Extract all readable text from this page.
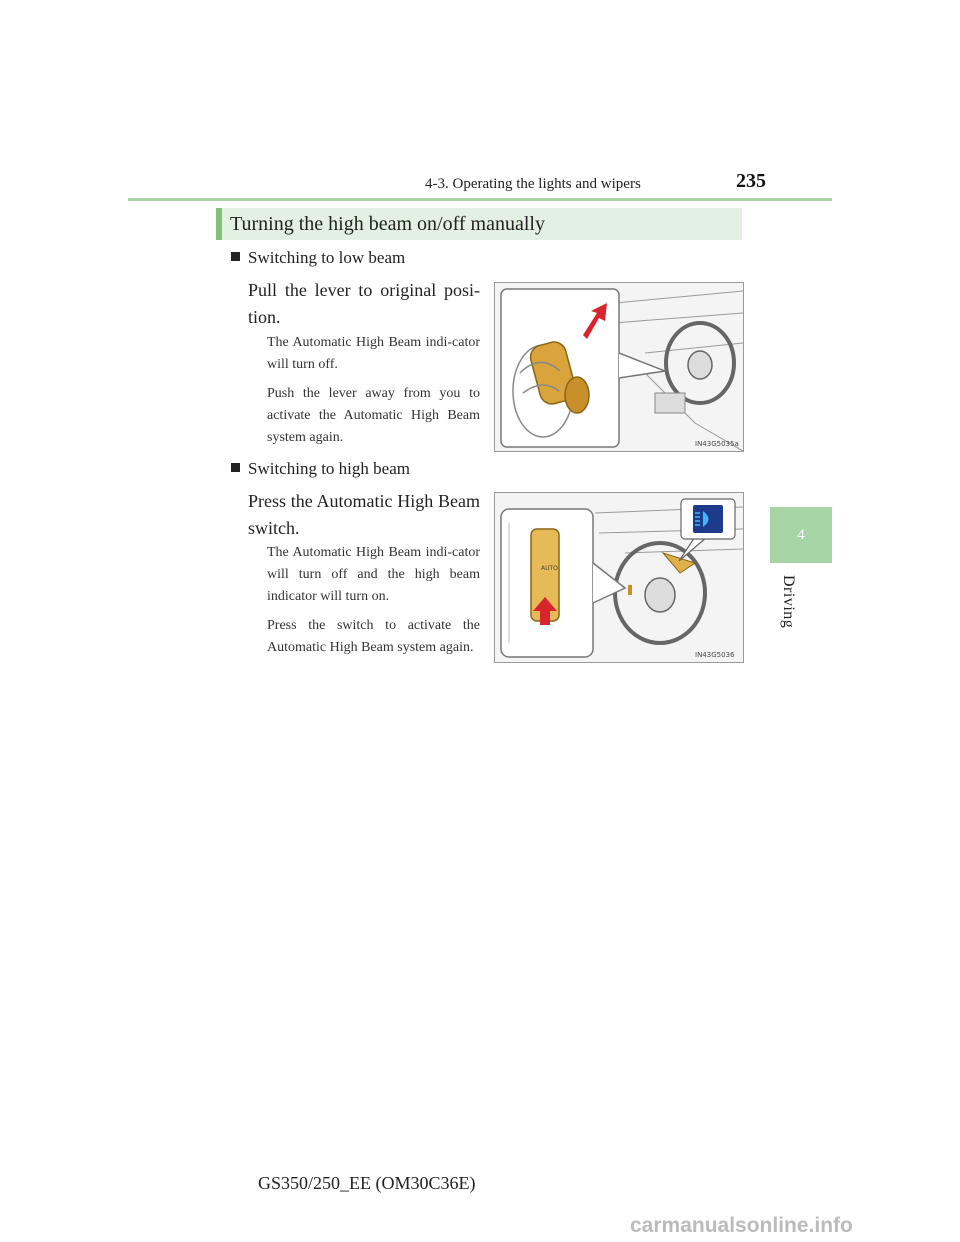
4-3. Operating the lights and wipers	235
4
Driving
Turning the high beam on/off manually
Switching to low beam
Pull the lever to original posi-tion.
The Automatic High Beam indi-cator will turn off.
Push the lever away from you to activate the Automatic High Beam system again.	IN43G5035a
Switching to high beam
Press the Automatic High Beam switch.
The Automatic High Beam indi-cator will turn off and the high beam indicator will turn on.
Press the switch to activate the Automatic High Beam system again.
AUTO
IN43G5036
GS350/250_EE (OM30C36E)
carmanualsonline.info
